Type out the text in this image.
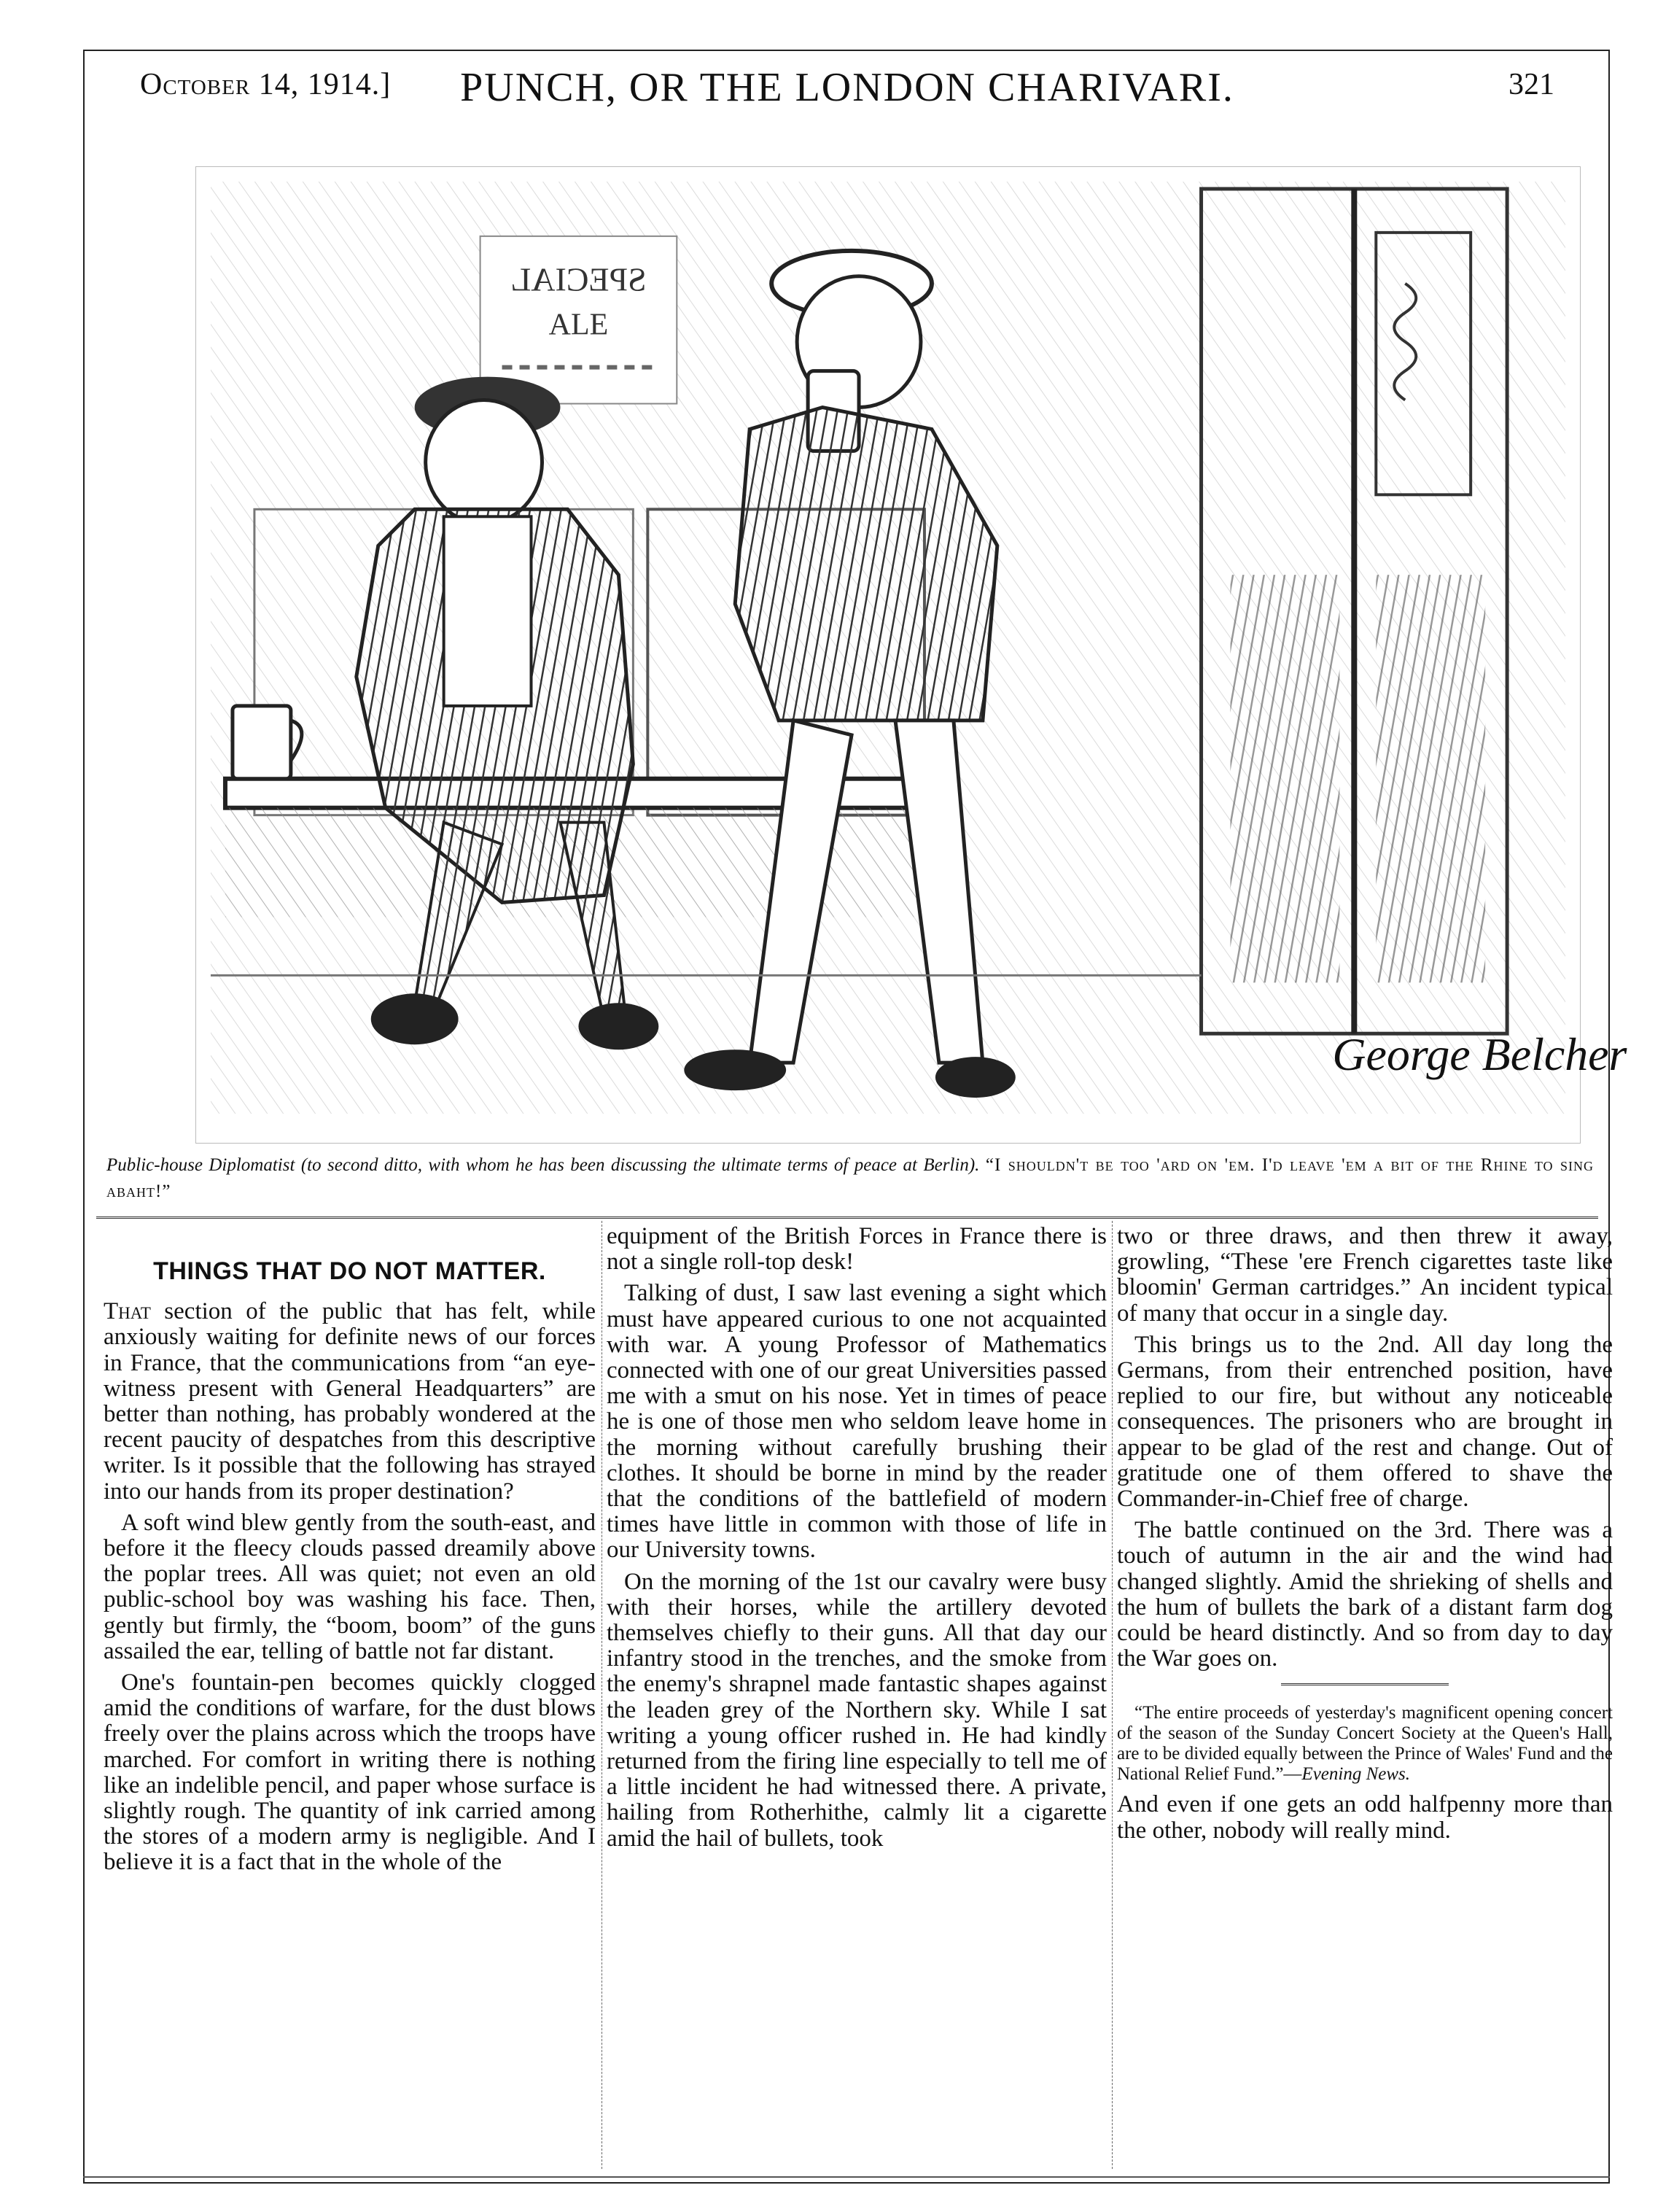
October 14, 1914.]	PUNCH, OR THE LONDON CHARIVARI.	321
SPECIAL
ALE
George Belcher
Public-house Diplomatist (to second ditto, with whom he has been discussing the ultimate terms of peace at Berlin). “I shouldn't be too 'ard on 'em. I'd leave 'em a bit of the Rhine to sing abaht!”
THINGS THAT DO NOT MATTER.

That section of the public that has felt, while anxiously waiting for definite news of our forces in France, that the communications from “an eye-witness present with General Headquarters” are better than nothing, has probably wondered at the recent paucity of despatches from this descriptive writer. Is it possible that the following has strayed into our hands from its proper destination?

A soft wind blew gently from the south-east, and before it the fleecy clouds passed dreamily above the poplar trees. All was quiet; not even an old public-school boy was washing his face. Then, gently but firmly, the “boom, boom” of the guns assailed the ear, telling of battle not far distant.

One's fountain-pen becomes quickly clogged amid the conditions of warfare, for the dust blows freely over the plains across which the troops have marched. For comfort in writing there is nothing like an indelible pencil, and paper whose surface is slightly rough. The quantity of ink carried among the stores of a modern army is negligible. And I believe it is a fact that in the whole of the

equipment of the British Forces in France there is not a single roll-top desk!

Talking of dust, I saw last evening a sight which must have appeared curious to one not acquainted with war. A young Professor of Mathematics connected with one of our great Universities passed me with a smut on his nose. Yet in times of peace he is one of those men who seldom leave home in the morning without carefully brushing their clothes. It should be borne in mind by the reader that the conditions of the battlefield of modern times have little in common with those of life in our University towns.

On the morning of the 1st our cavalry were busy with their horses, while the artillery devoted themselves chiefly to their guns. All that day our infantry stood in the trenches, and the smoke from the enemy's shrapnel made fantastic shapes against the leaden grey of the Northern sky. While I sat writing a young officer rushed in. He had kindly returned from the firing line especially to tell me of a little incident he had witnessed there. A private, hailing from Rotherhithe, calmly lit a cigarette amid the hail of bullets, took

two or three draws, and then threw it away, growling, “These 'ere French cigarettes taste like bloomin' German cartridges.” An incident typical of many that occur in a single day.

This brings us to the 2nd. All day long the Germans, from their entrenched position, have replied to our fire, but without any noticeable consequences. The prisoners who are brought in appear to be glad of the rest and change. Out of gratitude one of them offered to shave the Commander-in-Chief free of charge.

The battle continued on the 3rd. There was a touch of autumn in the air and the wind had changed slightly. Amid the shrieking of shells and the hum of bullets the bark of a distant farm dog could be heard distinctly. And so from day to day the War goes on.

“The entire proceeds of yesterday's magnificent opening concert of the season of the Sunday Concert Society at the Queen's Hall, are to be divided equally between the Prince of Wales' Fund and the National Relief Fund.”—Evening News.

And even if one gets an odd halfpenny more than the other, nobody will really mind.
